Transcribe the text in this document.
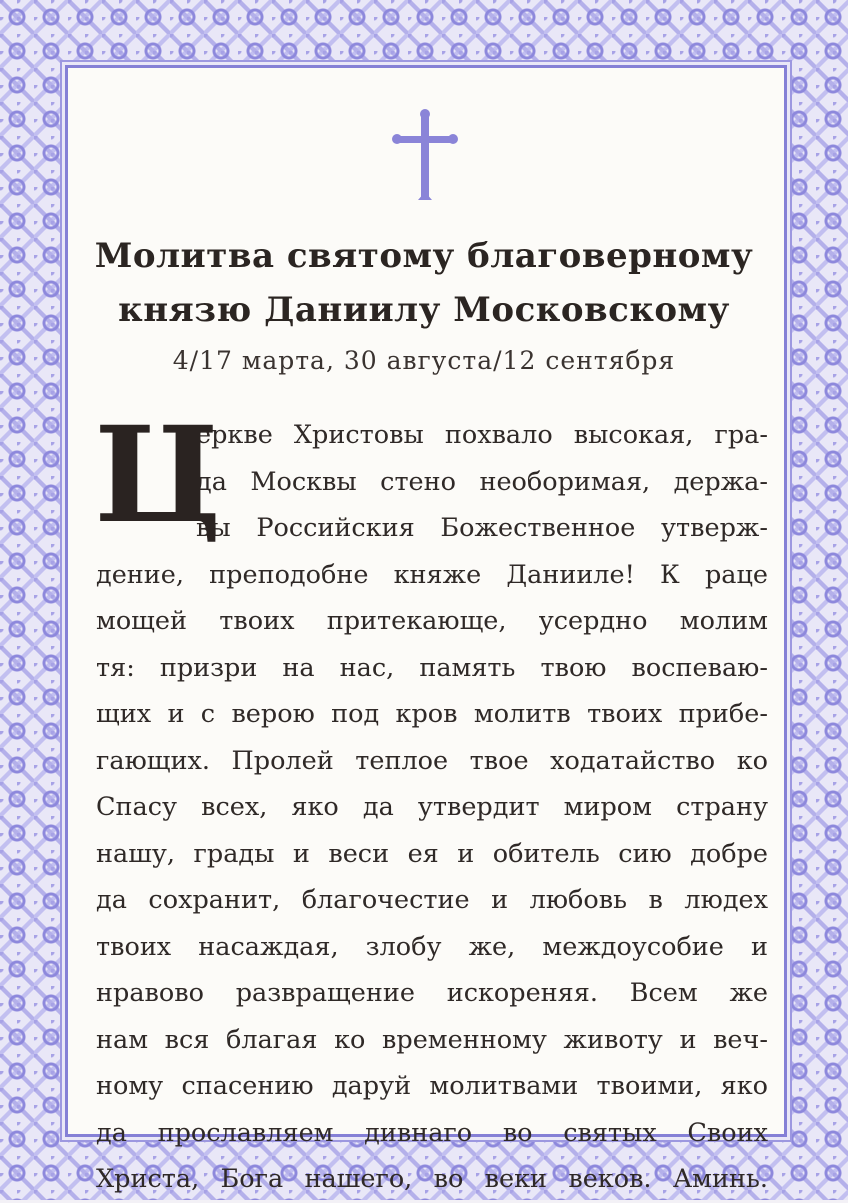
Молитва святому благоверному
князю Даниилу Московскому
4/17 марта, 30 августа/12 сентября
Ц
еркве Христовы похвало высокая, гра-
да Москвы стено необоримая, держа-
вы Российския Божественное утверж-
дение, преподобне княже Данииле! К раце
мощей твоих притекающе, усердно молим
тя: призри на нас, память твою воспеваю-
щих и с верою под кров молитв твоих прибе-
гающих. Пролей теплое твое ходатайство ко
Спасу всех, яко да утвердит миром страну
нашу, грады и веси ея и обитель сию добре
да сохранит, благочестие и любовь в людех
твоих насаждая, злобу же, междоусобие и
нравово развращение искореняя. Всем же
нам вся благая ко временному животу и веч-
ному спасению даруй молитвами твоими, яко
да прославляем дивнаго во святых Своих
Христа, Бога нашего, во веки веков. Аминь.
